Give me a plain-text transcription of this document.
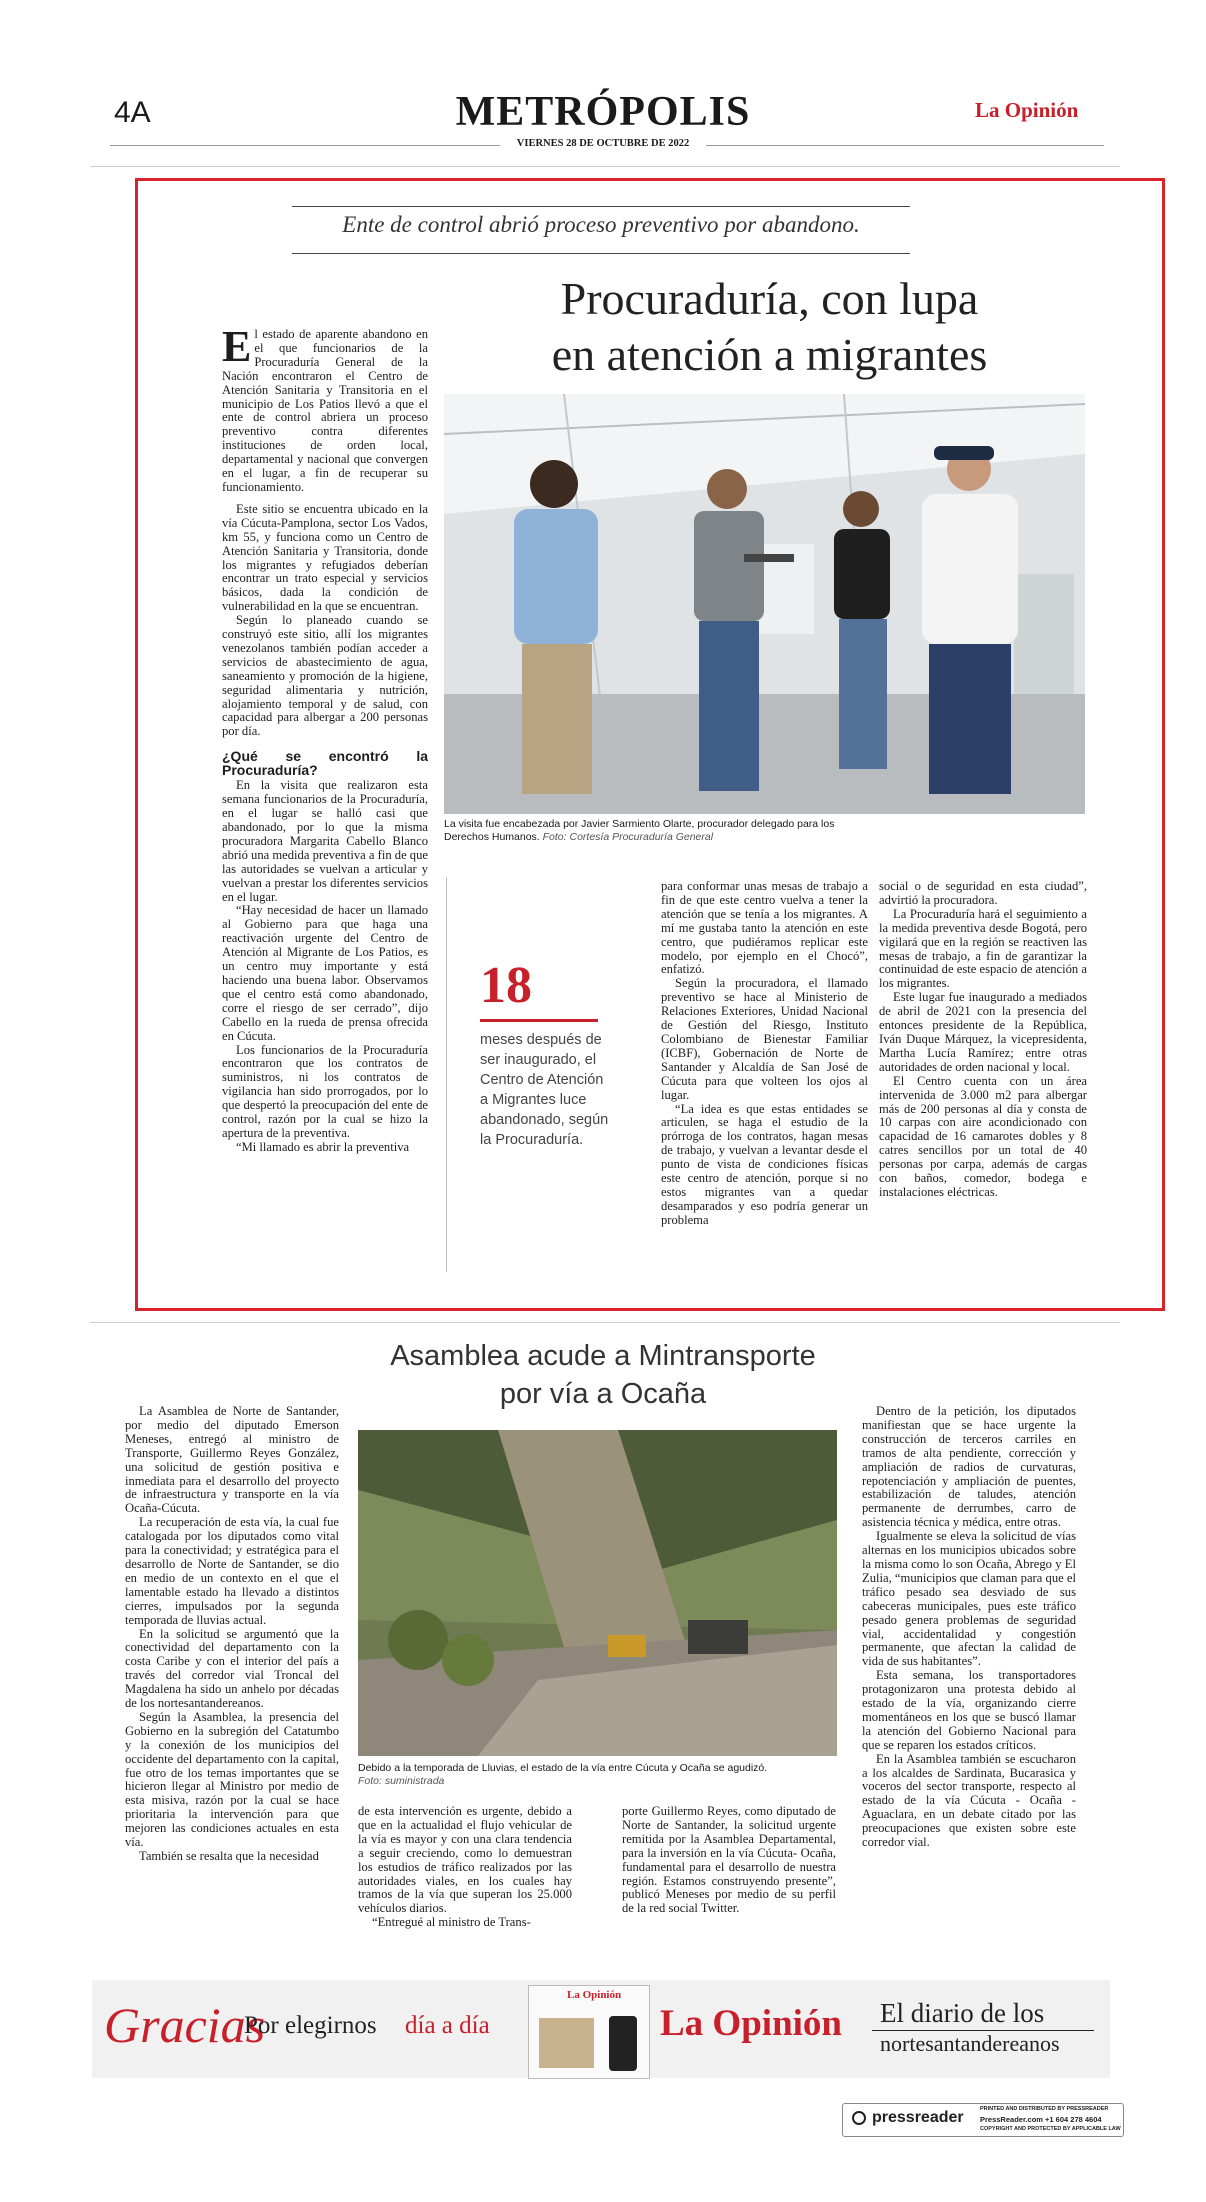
4A	METRÓPOLIS
VIERNES 28 DE OCTUBRE DE 2022
La Opinión
Ente de control abrió proceso preventivo por abandono.
Procuraduría, con lupa
en atención a migrantes

El estado de aparente abandono en el que funcionarios de la Procuraduría General de la Nación encontraron el Centro de Atención Sanitaria y Transitoria en el municipio de Los Patios llevó a que el ente de control abriera un proceso preventivo contra diferentes instituciones de orden local, departamental y nacional que convergen en el lugar, a fin de recuperar su funcionamiento.

Este sitio se encuentra ubicado en la vía Cúcuta-Pamplona, sector Los Vados, km 55, y funciona como un Centro de Atención Sanitaria y Transitoria, donde los migrantes y refugiados deberían encontrar un trato especial y servicios básicos, dada la condición de vulnerabilidad en la que se encuentran.

Según lo planeado cuando se construyó este sitio, allí los migrantes venezolanos también podían acceder a servicios de abastecimiento de agua, saneamiento y promoción de la higiene, seguridad alimentaria y nutrición, alojamiento temporal y de salud, con capacidad para albergar a 200 personas por día.

¿Qué se encontró la Procuraduría?

En la visita que realizaron esta semana funcionarios de la Procuraduría, en el lugar se halló casi que abandonado, por lo que la misma procuradora Margarita Cabello Blanco abrió una medida preventiva a fin de que las autoridades se vuelvan a articular y vuelvan a prestar los diferentes servicios en el lugar.

“Hay necesidad de hacer un llamado al Gobierno para que haga una reactivación urgente del Centro de Atención al Migrante de Los Patios, es un centro muy importante y está haciendo una buena labor. Observamos que el centro está como abandonado, corre el riesgo de ser cerrado”, dijo Cabello en la rueda de prensa ofrecida en Cúcuta.

Los funcionarios de la Procuraduría encontraron que los contratos de suministros, ni los contratos de vigilancia han sido prorrogados, por lo que despertó la preocupación del ente de control, razón por la cual se hizo la apertura de la preventiva.

“Mi llamado es abrir la preventiva

La visita fue encabezada por Javier Sarmiento Olarte, procurador delegado para los Derechos Humanos. Foto: Cortesía Procuraduría General
18
meses después de ser inaugurado, el Centro de Atención a Migrantes luce abandonado, según la Procuraduría.

para conformar unas mesas de trabajo a fin de que este centro vuelva a tener la atención que se tenía a los migrantes. A mí me gustaba tanto la atención en este centro, que pudiéramos replicar este modelo, por ejemplo en el Chocó”, enfatizó.

Según la procuradora, el llamado preventivo se hace al Ministerio de Relaciones Exteriores, Unidad Nacional de Gestión del Riesgo, Instituto Colombiano de Bienestar Familiar (ICBF), Gobernación de Norte de Santander y Alcaldía de San José de Cúcuta para que volteen los ojos al lugar.

“La idea es que estas entidades se articulen, se haga el estudio de la prórroga de los contratos, hagan mesas de trabajo, y vuelvan a levantar desde el punto de vista de condiciones físicas este centro de atención, porque si no estos migrantes van a quedar desamparados y eso podría generar un problema

social o de seguridad en esta ciudad”, advirtió la procuradora.

La Procuraduría hará el seguimiento a la medida preventiva desde Bogotá, pero vigilará que en la región se reactiven las mesas de trabajo, a fin de garantizar la continuidad de este espacio de atención a los migrantes.

Este lugar fue inaugurado a mediados de abril de 2021 con la presencia del entonces presidente de la República, Iván Duque Márquez, la vicepresidenta, Martha Lucía Ramírez; entre otras autoridades de orden nacional y local.

El Centro cuenta con un área intervenida de 3.000 m2 para albergar más de 200 personas al día y consta de 10 carpas con aire acondicionado con capacidad de 16 camarotes dobles y 8 catres sencillos por un total de 40 personas por carpa, además de cargas con baños, comedor, bodega e instalaciones eléctricas.

Asamblea acude a Mintransporte
por vía a Ocaña

La Asamblea de Norte de Santander, por medio del diputado Emerson Meneses, entregó al ministro de Transporte, Guillermo Reyes González, una solicitud de gestión positiva e inmediata para el desarrollo del proyecto de infraestructura y transporte en la vía Ocaña-Cúcuta.

La recuperación de esta vía, la cual fue catalogada por los diputados como vital para la conectividad; y estratégica para el desarrollo de Norte de Santander, se dio en medio de un contexto en el que el lamentable estado ha llevado a distintos cierres, impulsados por la segunda temporada de lluvias actual.

En la solicitud se argumentó que la conectividad del departamento con la costa Caribe y con el interior del país a través del corredor vial Troncal del Magdalena ha sido un anhelo por décadas de los nortesantandereanos.

Según la Asamblea, la presencia del Gobierno en la subregión del Catatumbo y la conexión de los municipios del occidente del departamento con la capital, fue otro de los temas importantes que se hicieron llegar al Ministro por medio de esta misiva, razón por la cual se hace prioritaria la intervención para que mejoren las condiciones actuales en esta vía.

También se resalta que la necesidad

Debido a la temporada de Lluvias, el estado de la vía entre Cúcuta y Ocaña se agudizó. Foto: suministrada

de esta intervención es urgente, debido a que en la actualidad el flujo vehicular de la vía es mayor y con una clara tendencia a seguir creciendo, como lo demuestran los estudios de tráfico realizados por las autoridades viales, en los cuales hay tramos de la vía que superan los 25.000 vehículos diarios.

“Entregué al ministro de Trans-

porte Guillermo Reyes, como diputado de Norte de Santander, la solicitud urgente remitida por la Asamblea Departamental, para la inversión en la vía Cúcuta- Ocaña, fundamental para el desarrollo de nuestra región. Estamos construyendo presente”, publicó Meneses por medio de su perfil de la red social Twitter.

Dentro de la petición, los diputados manifiestan que se hace urgente la construcción de terceros carriles en tramos de alta pendiente, corrección y ampliación de radios de curvaturas, repotenciación y ampliación de puentes, estabilización de taludes, atención permanente de derrumbes, carro de asistencia técnica y médica, entre otras.

Igualmente se eleva la solicitud de vías alternas en los municipios ubicados sobre la misma como lo son Ocaña, Abrego y El Zulia, “municipios que claman para que el tráfico pesado sea desviado de sus cabeceras municipales, pues este tráfico pesado genera problemas de seguridad vial, accidentalidad y congestión permanente, que afectan la calidad de vida de sus habitantes”.

Esta semana, los transportadores protagonizaron una protesta debido al estado de la vía, organizando cierre momentáneos en los que se buscó llamar la atención del Gobierno Nacional para que se reparen los estados críticos.

En la Asamblea también se escucharon a los alcaldes de Sardinata, Bucarasica y voceros del sector transporte, respecto al estado de la vía Cúcuta - Ocaña - Aguaclara, en un debate citado por las preocupaciones que existen sobre este corredor vial.

Gracias
Por elegirnos día a día
La Opinión
La Opinión El diario de los
nortesantandereanos
pressreader	PRINTED AND DISTRIBUTED BY PRESSREADER
PressReader.com +1 604 278 4604
COPYRIGHT AND PROTECTED BY APPLICABLE LAW
